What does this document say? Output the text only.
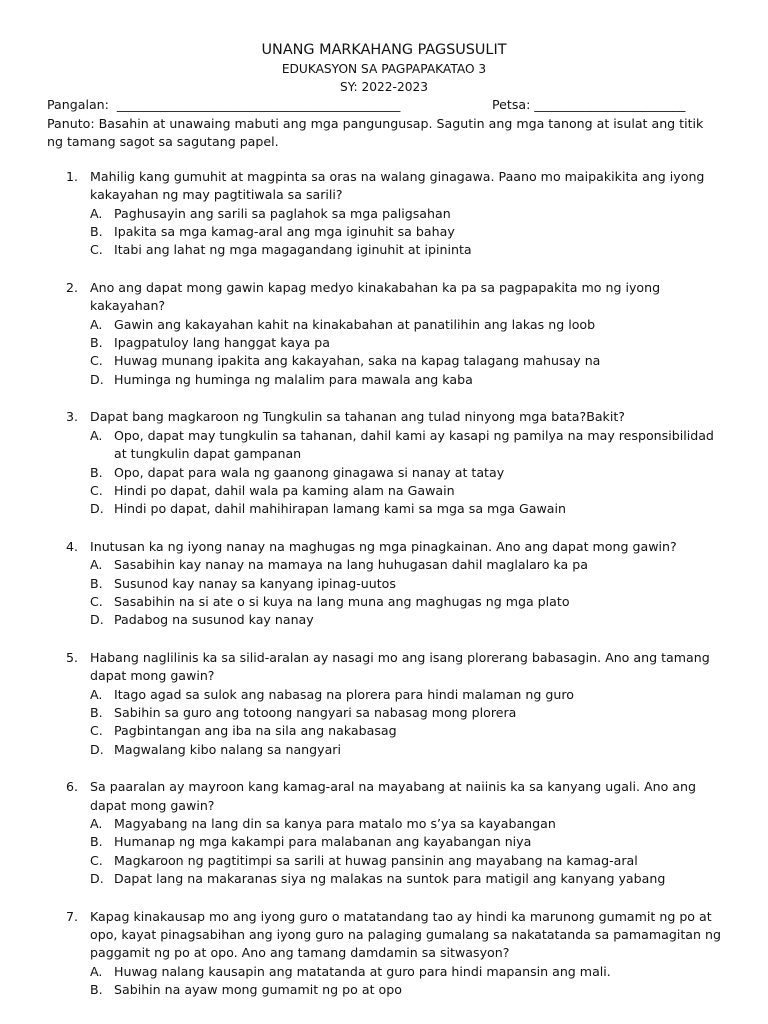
UNANG MARKAHANG PAGSUSULIT
EDUKASYON SA PAGPAPAKATAO 3
SY: 2022-2023
Pangalan:  _____________________________________________	Petsa: ________________________

Panuto: Basahin at unawaing mabuti ang mga pangungusap. Sagutin ang mga tanong at isulat ang titik ng tamang sagot sa sagutang papel.

1. Mahilig kang gumuhit at magpinta sa oras na walang ginagawa. Paano mo maipakikita ang iyong kakayahan ng may pagtitiwala sa sarili?
A. Paghusayin ang sarili sa paglahok sa mga paligsahan
B. Ipakita sa mga kamag-aral ang mga iginuhit sa bahay
C. Itabi ang lahat ng mga magagandang iginuhit at ipininta
2. Ano ang dapat mong gawin kapag medyo kinakabahan ka pa sa pagpapakita mo ng iyong kakayahan?
A. Gawin ang kakayahan kahit na kinakabahan at panatilihin ang lakas ng loob
B. Ipagpatuloy lang hanggat kaya pa
C. Huwag munang ipakita ang kakayahan, saka na kapag talagang mahusay na
D. Huminga ng huminga ng malalim para mawala ang kaba
3. Dapat bang magkaroon ng Tungkulin sa tahanan ang tulad ninyong mga bata?Bakit?
A. Opo, dapat may tungkulin sa tahanan, dahil kami ay kasapi ng pamilya na may responsibilidad at tungkulin dapat gampanan
B. Opo, dapat para wala ng gaanong ginagawa si nanay at tatay
C. Hindi po dapat, dahil wala pa kaming alam na Gawain
D. Hindi po dapat, dahil mahihirapan lamang kami sa mga sa mga Gawain
4. Inutusan ka ng iyong nanay na maghugas ng mga pinagkainan. Ano ang dapat mong gawin?
A. Sasabihin kay nanay na mamaya na lang huhugasan dahil maglalaro ka pa
B. Susunod kay nanay sa kanyang ipinag-uutos
C. Sasabihin na si ate o si kuya na lang muna ang maghugas ng mga plato
D. Padabog na susunod kay nanay
5. Habang naglilinis ka sa silid-aralan ay nasagi mo ang isang plorerang babasagin. Ano ang tamang dapat mong gawin?
A. Itago agad sa sulok ang nabasag na plorera para hindi malaman ng guro
B. Sabihin sa guro ang totoong nangyari sa nabasag mong plorera
C. Pagbintangan ang iba na sila ang nakabasag
D. Magwalang kibo nalang sa nangyari
6. Sa paaralan ay mayroon kang kamag-aral na mayabang at naiinis ka sa kanyang ugali. Ano ang dapat mong gawin?
A. Magyabang na lang din sa kanya para matalo mo s’ya sa kayabangan
B. Humanap ng mga kakampi para malabanan ang kayabangan niya
C. Magkaroon ng pagtitimpi sa sarili at huwag pansinin ang mayabang na kamag-aral
D. Dapat lang na makaranas siya ng malakas na suntok para matigil ang kanyang yabang
7. Kapag kinakausap mo ang iyong guro o matatandang tao ay hindi ka marunong gumamit ng po at opo, kayat pinagsabihan ang iyong guro na palaging gumalang sa nakatatanda sa pamamagitan ng paggamit ng po at opo. Ano ang tamang damdamin sa sitwasyon?
A. Huwag nalang kausapin ang matatanda at guro para hindi mapansin ang mali.
B. Sabihin na ayaw mong gumamit ng po at opo
